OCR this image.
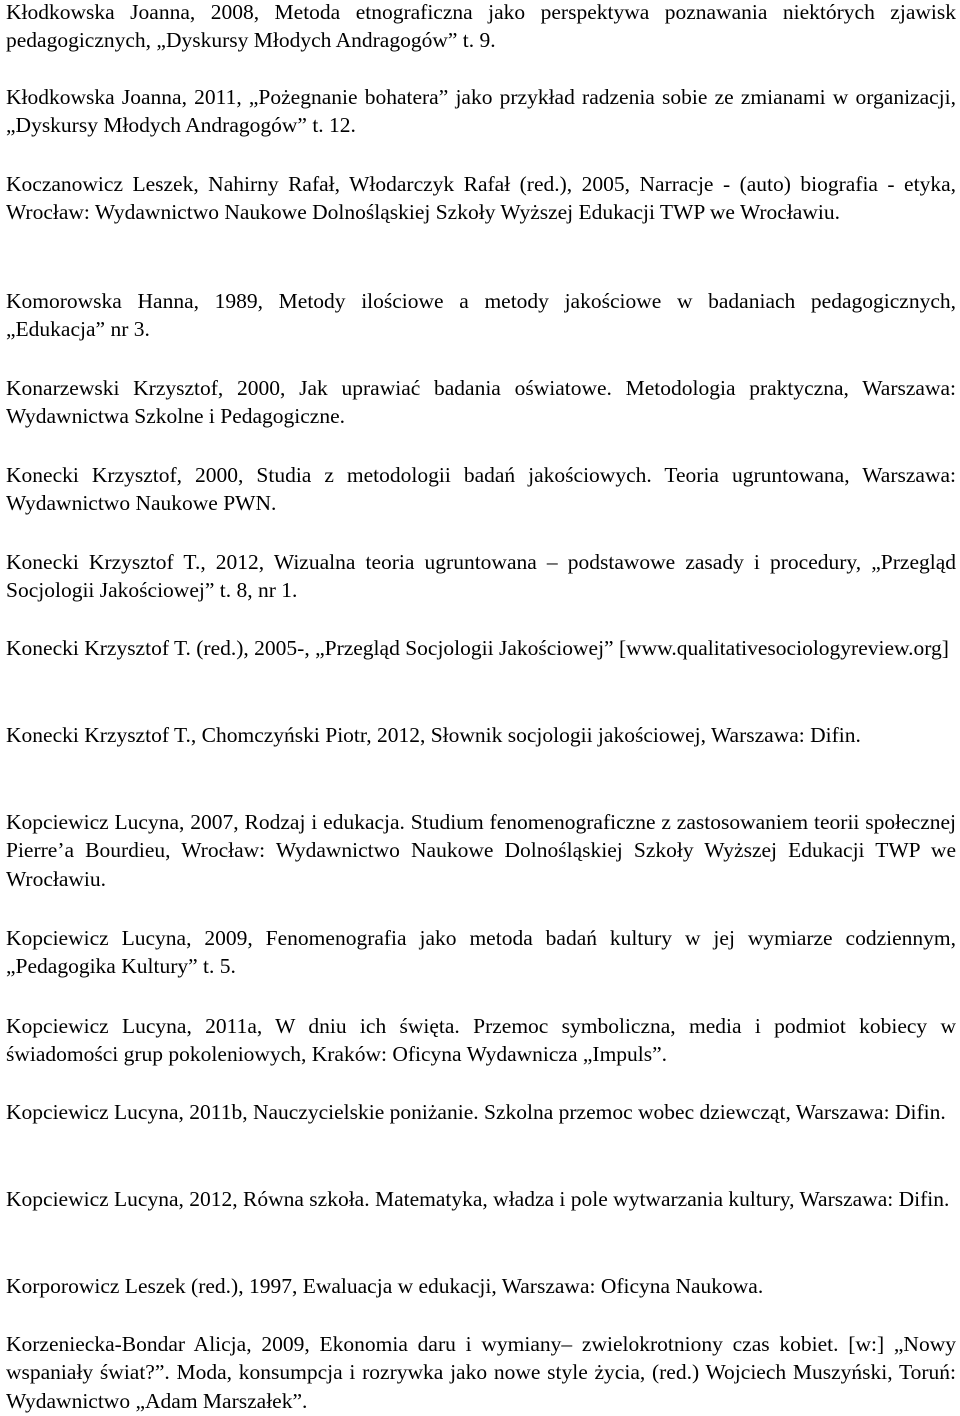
Kłodkowska Joanna, 2008, Metoda etnograficzna jako perspektywa poznawania niektórych zjawisk pedagogicznych, „Dyskursy Młodych Andragogów” t. 9.

Kłodkowska Joanna, 2011, „Pożegnanie bohatera” jako przykład radzenia sobie ze zmianami w organizacji, „Dyskursy Młodych Andragogów” t. 12.

Koczanowicz Leszek, Nahirny Rafał, Włodarczyk Rafał (red.), 2005, Narracje - (auto) biografia - etyka, Wrocław: Wydawnictwo Naukowe Dolnośląskiej Szkoły Wyższej Edukacji TWP we Wrocławiu.

Komorowska Hanna, 1989, Metody ilościowe a metody jakościowe w badaniach pedagogicznych, „Edukacja” nr 3.

Konarzewski Krzysztof, 2000, Jak uprawiać badania oświatowe. Metodologia praktyczna, Warszawa: Wydawnictwa Szkolne i Pedagogiczne.

Konecki Krzysztof, 2000, Studia z metodologii badań jakościowych. Teoria ugruntowana, Warszawa: Wydawnictwo Naukowe PWN.

Konecki Krzysztof T., 2012, Wizualna teoria ugruntowana – podstawowe zasady i procedury, „Przegląd Socjologii Jakościowej” t. 8, nr 1.

Konecki Krzysztof T. (red.), 2005-, „Przegląd Socjologii Jakościowej” [www.qualitativesociologyreview.org]

Konecki Krzysztof T., Chomczyński Piotr, 2012, Słownik socjologii jakościowej, Warszawa: Difin.

Kopciewicz Lucyna, 2007, Rodzaj i edukacja. Studium fenomenograficzne z zastosowaniem teorii społecznej Pierre’a Bourdieu, Wrocław: Wydawnictwo Naukowe Dolnośląskiej Szkoły Wyższej Edukacji TWP we Wrocławiu.

Kopciewicz Lucyna, 2009, Fenomenografia jako metoda badań kultury w jej wymiarze codziennym, „Pedagogika Kultury” t. 5.

Kopciewicz Lucyna, 2011a, W dniu ich święta. Przemoc symboliczna, media i podmiot kobiecy w świadomości grup pokoleniowych, Kraków: Oficyna Wydawnicza „Impuls”.

Kopciewicz Lucyna, 2011b, Nauczycielskie poniżanie. Szkolna przemoc wobec dziewcząt, Warszawa: Difin.

Kopciewicz Lucyna, 2012, Równa szkoła. Matematyka, władza i pole wytwarzania kultury, Warszawa: Difin.

Korporowicz Leszek (red.), 1997, Ewaluacja w edukacji, Warszawa: Oficyna Naukowa.

Korzeniecka-Bondar Alicja, 2009, Ekonomia daru i wymiany– zwielokrotniony czas kobiet. [w:] „Nowy wspaniały świat?”. Moda, konsumpcja i rozrywka jako nowe style życia, (red.) Wojciech Muszyński, Toruń: Wydawnictwo „Adam Marszałek”.
